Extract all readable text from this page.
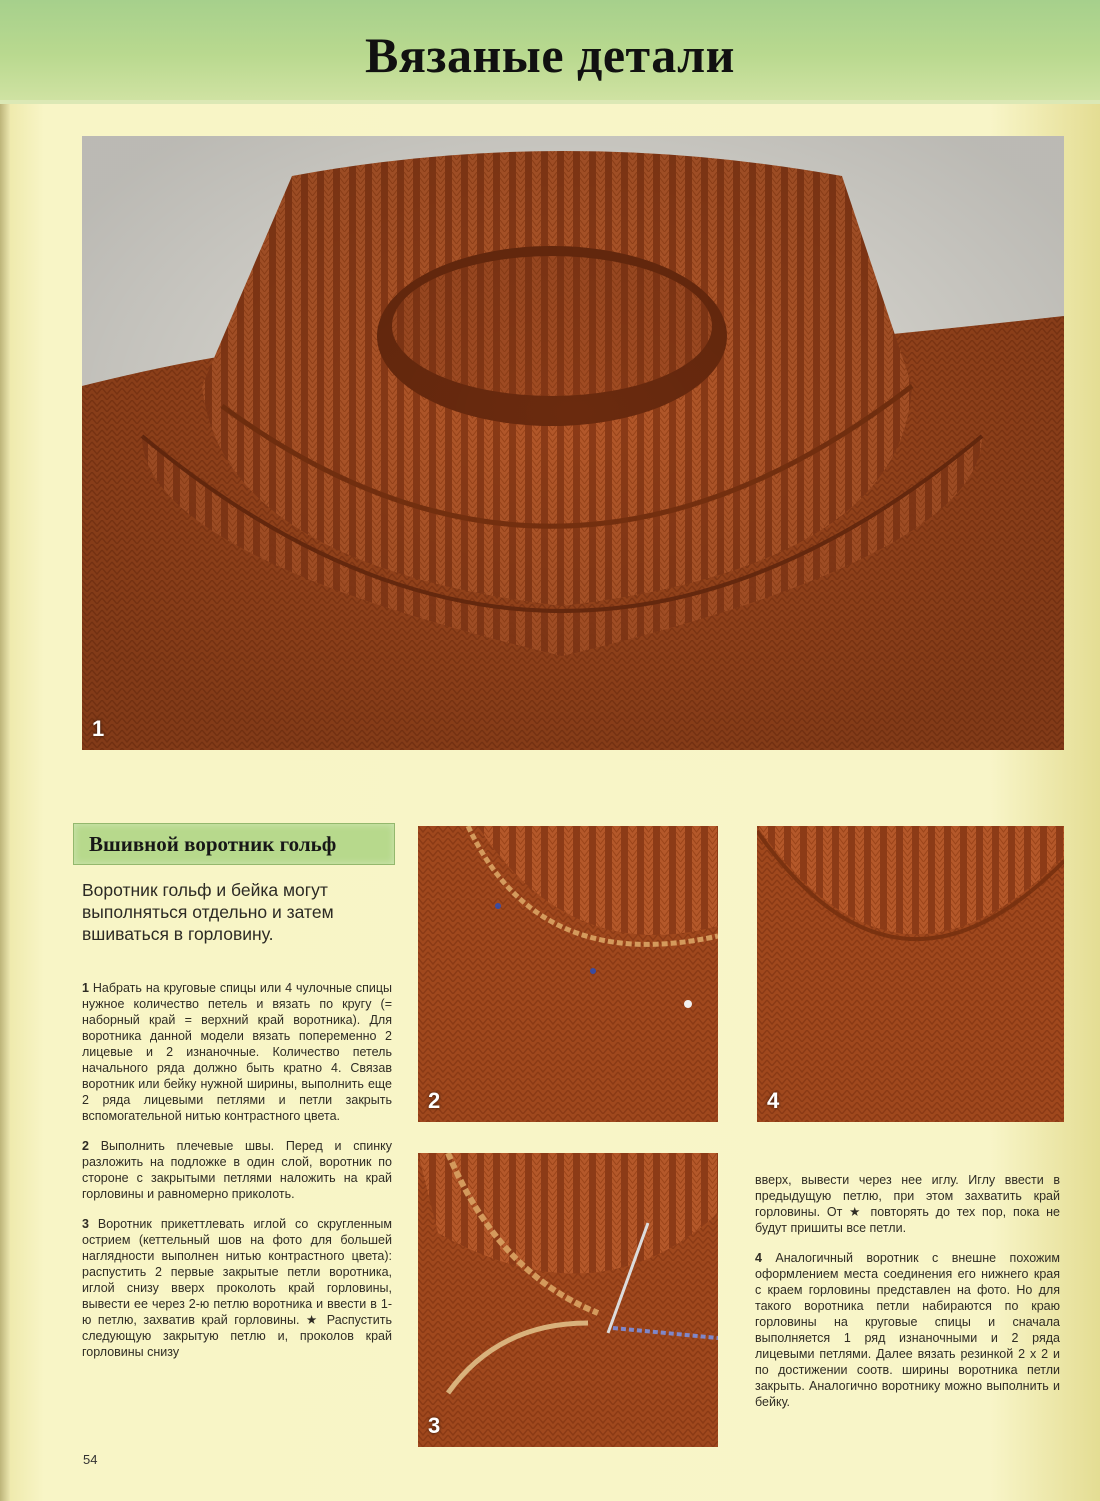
Вязаные детали
1
Вшивной воротник гольф
Воротник гольф и бейка могут выполняться отдельно и затем вшиваться в горловину.
2	4
3

1 Набрать на круговые спицы или 4 чулочные спицы нужное количество петель и вязать по кругу (= наборный край = верхний край воротника). Для воротника данной модели вязать попеременно 2 лицевые и 2 изнаночные. Количество петель начального ряда должно быть кратно 4. Связав воротник или бейку нужной ширины, выполнить еще 2 ряда лицевыми петлями и петли закрыть вспомогательной нитью контрастного цвета.

2 Выполнить плечевые швы. Перед и спинку разложить на подложке в один слой, воротник по стороне с закрытыми петлями наложить на край горловины и равномерно приколоть.

3 Воротник прикеттлевать иглой со скругленным острием (кеттельный шов на фото для большей наглядности выполнен нитью контрастного цвета): распустить 2 первые закрытые петли воротника, иглой снизу вверх проколоть край горловины, вывести ее через 2-ю петлю воротника и ввести в 1-ю петлю, захватив край горловины. ★ Распустить следующую закрытую петлю и, проколов край горловины снизу

вверх, вывести через нее иглу. Иглу ввести в предыдущую петлю, при этом захватить край горловины. От ★ повторять до тех пор, пока не будут пришиты все петли.

4 Аналогичный воротник с внешне похожим оформлением места соединения его нижнего края с краем горловины представлен на фото. Но для такого воротника петли набираются по краю горловины на круговые спицы и сначала выполняется 1 ряд изнаночными и 2 ряда лицевыми петлями. Далее вязать резинкой 2 х 2 и по достижении соотв. ширины воротника петли закрыть. Аналогично воротнику можно выполнить и бейку.

54
